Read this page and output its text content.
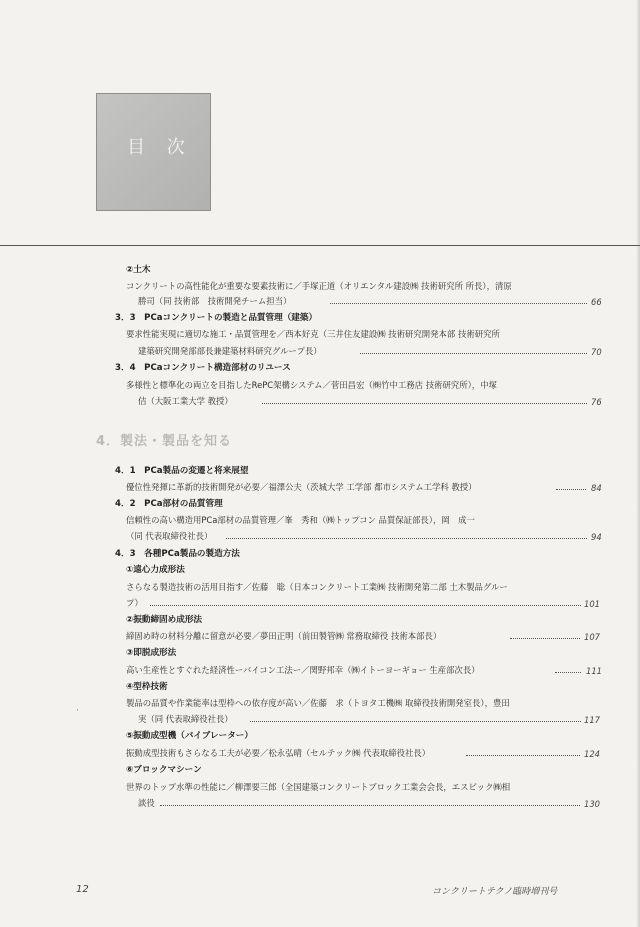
目 次
②土木
コンクリートの高性能化が重要な要素技術に／手塚正道（オリエンタル建設㈱ 技術研究所 所長），清原
勝司（同 技術部　技術開発チーム担当）	66
3．3　PCaコンクリートの製造と品質管理（建築）
要求性能実現に適切な施工・品質管理を／西本好克（三井住友建設㈱ 技術研究開発本部 技術研究所
建築研究開発部部長兼建築材料研究グループ長）	70
3．4　PCaコンクリート構造部材のリユース
多様性と標準化の両立を目指したRePC架構システム／菅田昌宏（㈱竹中工務店 技術研究所），中塚
佶（大阪工業大学 教授）	76
4．製法・製品を知る
4．1　PCa製品の変遷と将来展望
優位性発揮に革新的技術開発が必要／福澤公夫（茨城大学 工学部 都市システム工学科 教授）	84
4．2　PCa部材の品質管理
信頼性の高い構造用PCa部材の品質管理／峯　秀和（㈱トップコン 品質保証部長），岡　成一
（同 代表取締役社長）	94
4．3　各種PCa製品の製造方法
①遠心力成形法
さらなる製造技術の活用目指す／佐藤　聡（日本コンクリート工業㈱ 技術開発第二部 土木製品グルー
プ）	101
②振動締固め成形法
締固め時の材料分離に留意が必要／夢田正明（前田製管㈱ 常務取締役 技術本部長）	107
③即脱成形法
高い生産性とすぐれた経済性ーバイコン工法ー／関野邦幸（㈱イトーヨーギョー 生産部次長）	111
④型枠技術
製品の品質や作業能率は型枠への依存度が高い／佐藤　求（トヨタ工機㈱ 取締役技術開発室長），豊田
実（同 代表取締役社長）	117
⑤振動成型機（バイブレーター）
振動成型技術もさらなる工夫が必要／松永弘晴（セルテック㈱ 代表取締役社長）	124
⑥ブロックマシーン
世界のトップ水準の性能に／柳澤要三郎（全国建築コンクリートブロック工業会会長，エスビック㈱相
談役	130
·
12	コンクリートテクノ臨時増刊号
